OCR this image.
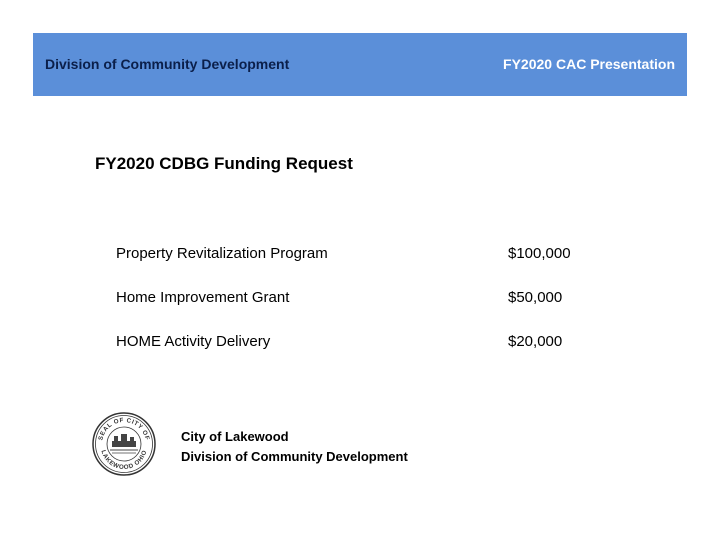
Division of Community Development	FY2020 CAC Presentation
FY2020 CDBG Funding Request
Property Revitalization Program	$100,000
Home Improvement Grant	$50,000
HOME Activity Delivery	$20,000
SEAL OF CITY OF
LAKEWOOD OHIO
City of Lakewood
Division of Community Development
